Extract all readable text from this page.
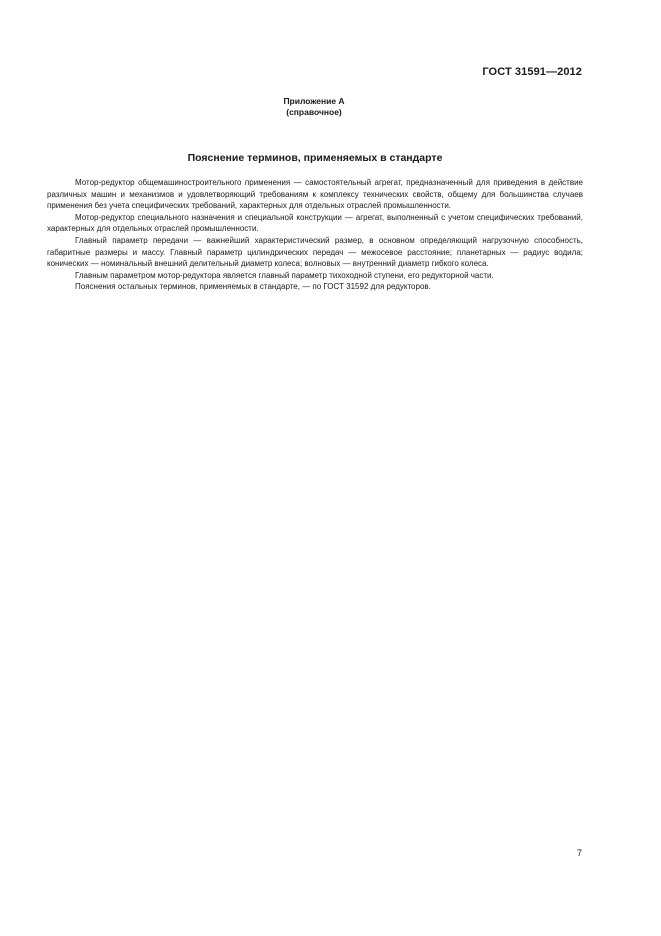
ГОСТ 31591—2012
Приложение А
(справочное)
Пояснение терминов, применяемых в стандарте

Мотор-редуктор общемашиностроительного применения — самостоятельный агрегат, предназначенный для приведения в действие различных машин и механизмов и удовлетворяющий требованиям к комплексу технических свойств, общему для большинства случаев применения без учета специфических требований, характерных для отдельных отраслей промышленности.

Мотор-редуктор специального назначения и специальной конструкции — агрегат, выполненный с учетом специфических требований, характерных для отдельных отраслей промышленности.

Главный параметр передачи — важнейший характеристический размер, в основном определяющий нагрузочную способность, габаритные размеры и массу. Главный параметр цилиндрических передач — межосевое расстояние; планетарных — радиус водила; конических — номинальный внешний делительный диаметр колеса; волновых — внутренний диаметр гибкого колеса.

Главным параметром мотор-редуктора является главный параметр тихоходной ступени, его редукторной части.

Пояснения остальных терминов, применяемых в стандарте, — по ГОСТ 31592 для редукторов.

7
